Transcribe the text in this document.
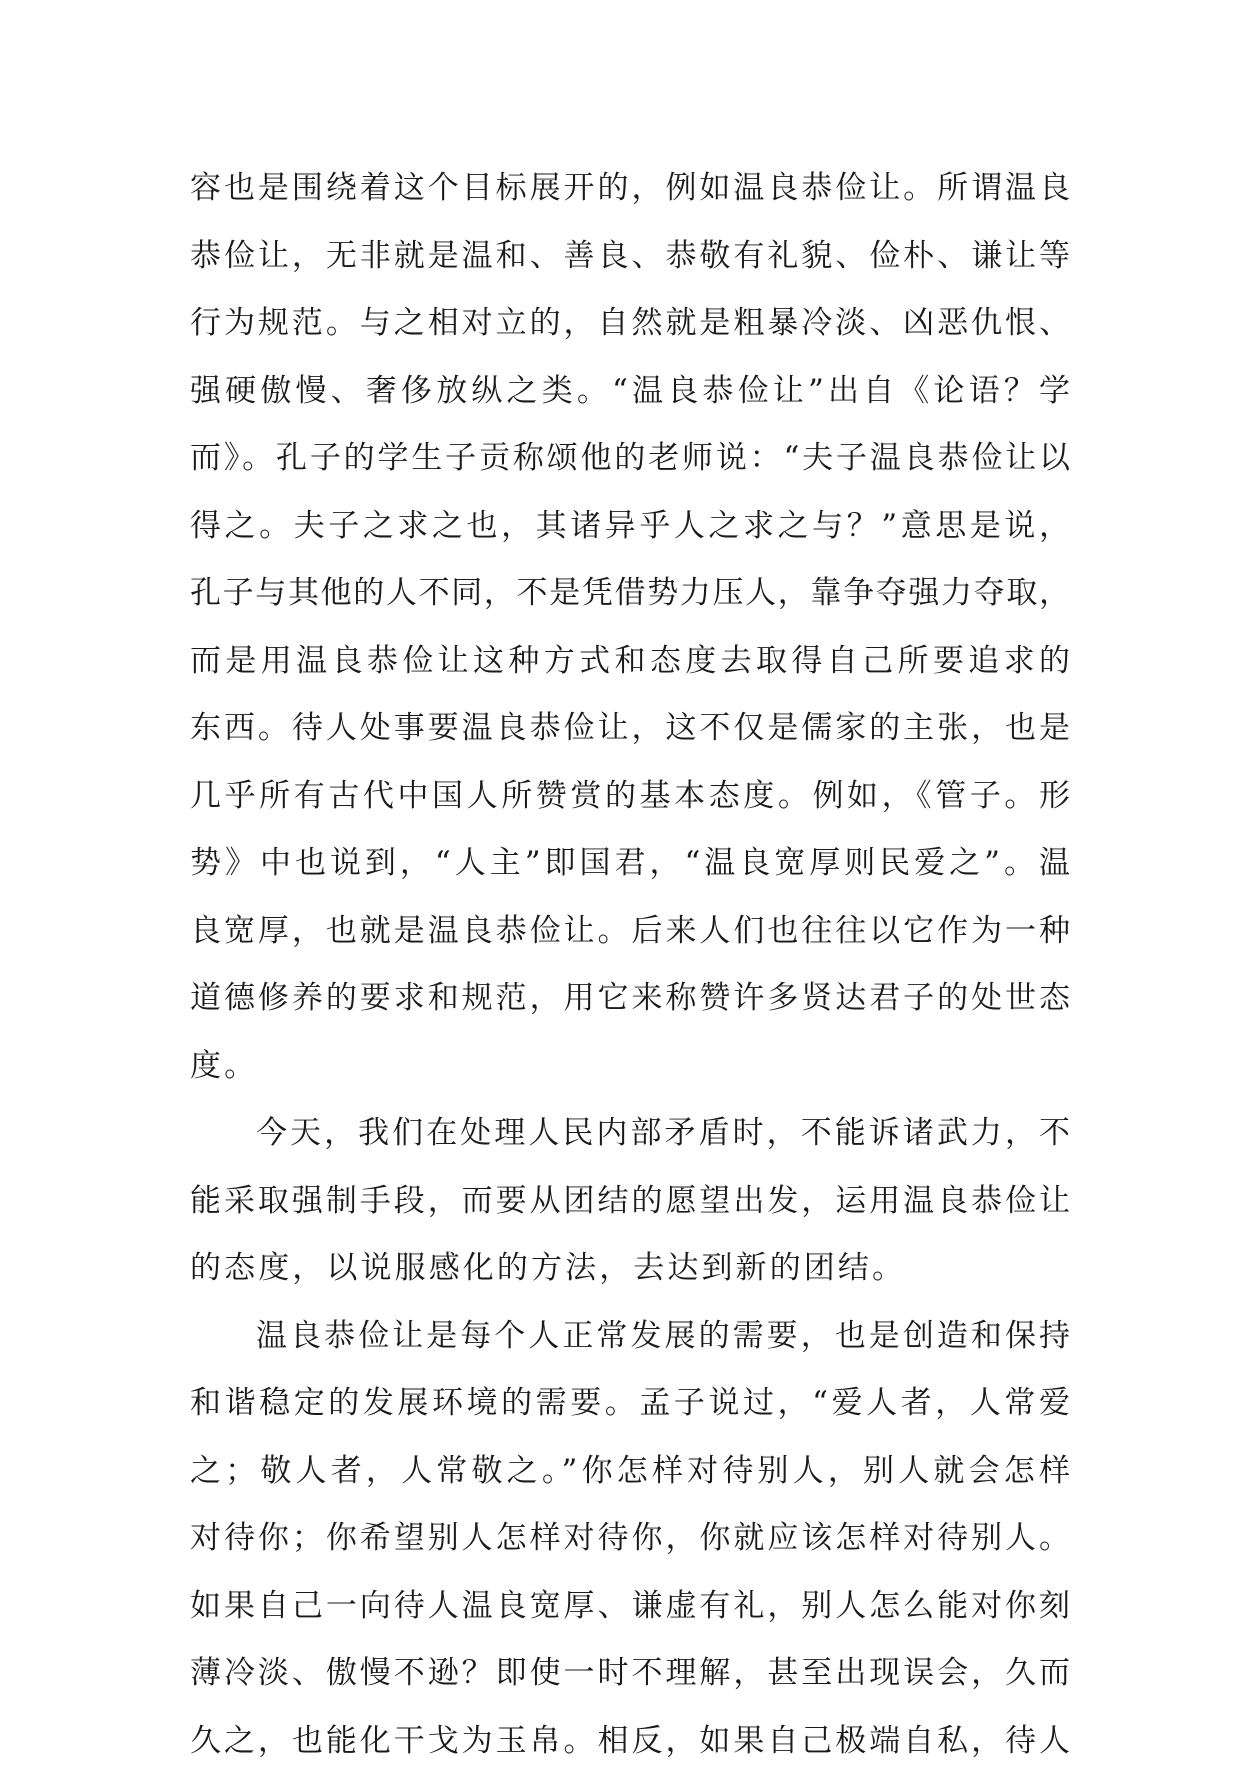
容也是围绕着这个目标展开的，例如温良恭俭让。所谓温良
恭俭让，无非就是温和、善良、恭敬有礼貌、俭朴、谦让等
行为规范。与之相对立的，自然就是粗暴冷淡、凶恶仇恨、
强硬傲慢、奢侈放纵之类。“温良恭俭让”出自《论语？学
而》。孔子的学生子贡称颂他的老师说：“夫子温良恭俭让以
得之。夫子之求之也，其诸异乎人之求之与？”意思是说，
孔子与其他的人不同，不是凭借势力压人，靠争夺强力夺取，
而是用温良恭俭让这种方式和态度去取得自己所要追求的
东西。待人处事要温良恭俭让，这不仅是儒家的主张，也是
几乎所有古代中国人所赞赏的基本态度。例如，《管子。形
势》中也说到，“人主”即国君，“温良宽厚则民爱之”。温
良宽厚，也就是温良恭俭让。后来人们也往往以它作为一种
道德修养的要求和规范，用它来称赞许多贤达君子的处世态
度。
今天，我们在处理人民内部矛盾时，不能诉诸武力，不
能采取强制手段，而要从团结的愿望出发，运用温良恭俭让
的态度，以说服感化的方法，去达到新的团结。
温良恭俭让是每个人正常发展的需要，也是创造和保持
和谐稳定的发展环境的需要。孟子说过，“爱人者，人常爱
之；敬人者，人常敬之。”你怎样对待别人，别人就会怎样
对待你；你希望别人怎样对待你，你就应该怎样对待别人。
如果自己一向待人温良宽厚、谦虚有礼，别人怎么能对你刻
薄冷淡、傲慢不逊？即使一时不理解，甚至出现误会，久而
久之，也能化干戈为玉帛。相反，如果自己极端自私，待人
